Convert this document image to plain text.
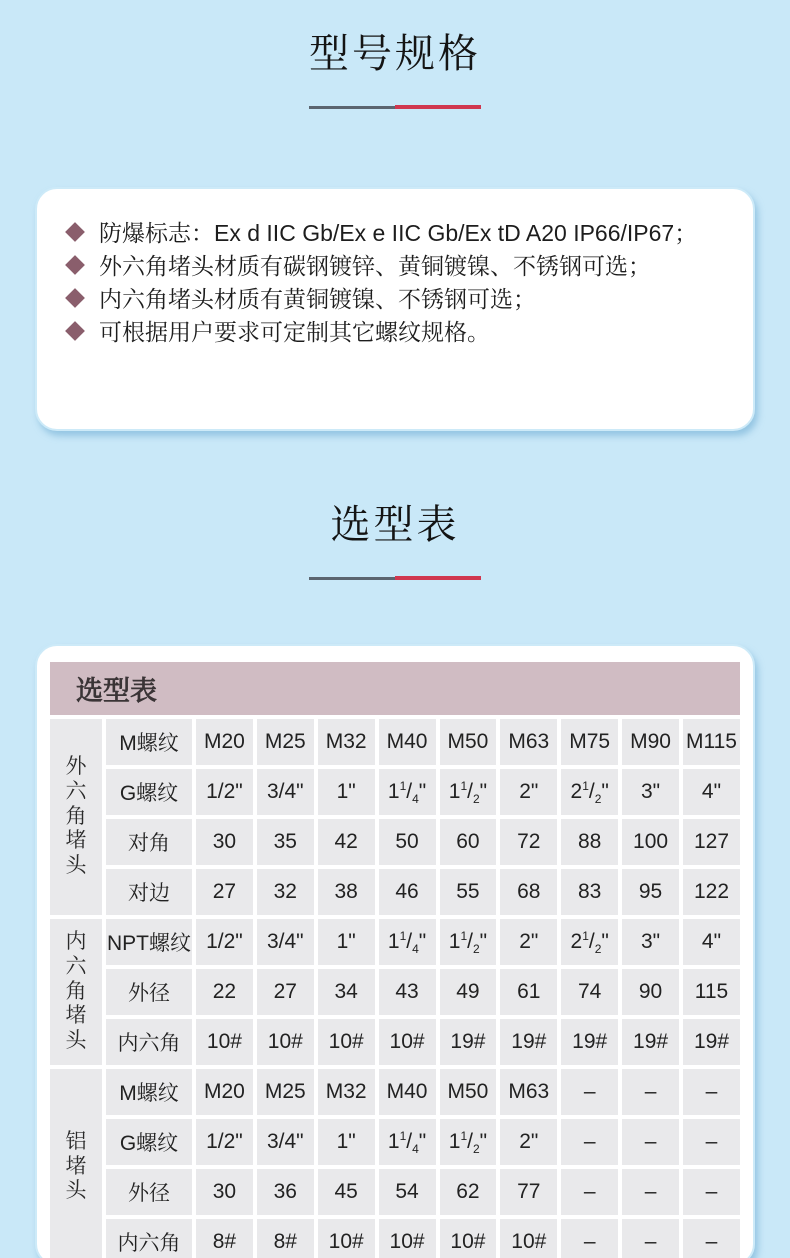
型号规格
防爆标志：Ex d IIC Gb/Ex e IIC Gb/Ex tD A20 IP66/IP67；
外六角堵头材质有碳钢镀锌、黄铜镀镍、不锈钢可选；
内六角堵头材质有黄铜镀镍、不锈钢可选；
可根据用户要求可定制其它螺纹规格。
选型表
选型表										

外
六
角
堵
头	M螺纹	M20	M25	M32	M40	M50	M63	M75	M90	M115
	G螺纹	1/2"	3/4"	1"	$1^1/_4$"	$1^1/_2$"	2"	$2^1/_2$"	3"	4"
	对角	30	35	42	50	60	72	88	100	127
	对边	27	32	38	46	55	68	83	95	122

内
六
角
堵
头	NPT螺纹	1/2"	3/4"	1"	$1^1/_4$"	$1^1/_2$"	2"	$2^1/_2$"	3"	4"
	外径	22	27	34	43	49	61	74	90	115
	内六角	10#	10#	10#	10#	19#	19#	19#	19#	19#

铝
堵
头	M螺纹	M20	M25	M32	M40	M50	M63	–	–	–
	G螺纹	1/2"	3/4"	1"	$1^1/_4$"	$1^1/_2$"	2"	–	–	–
	外径	30	36	45	54	62	77	–	–	–
	内六角	8#	8#	10#	10#	10#	10#	–	–	–
